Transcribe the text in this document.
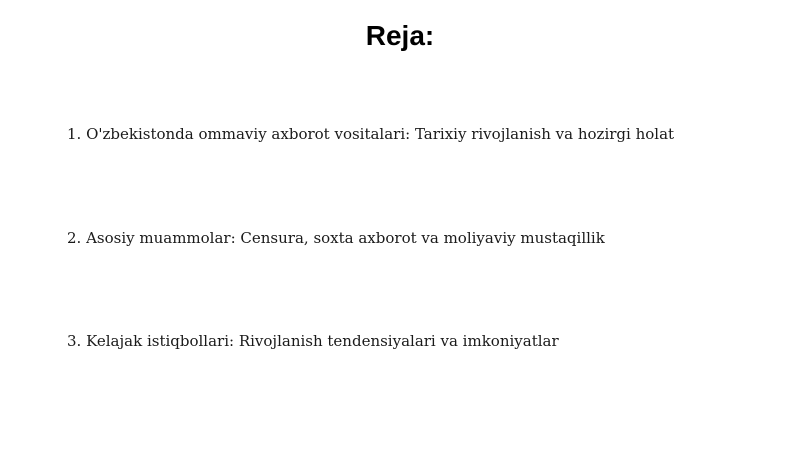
Reja:
1. O'zbekistonda ommaviy axborot vositalari: Tarixiy rivojlanish va hozirgi holat
2. Asosiy muammolar: Censura, soxta axborot va moliyaviy mustaqillik
3. Kelajak istiqbollari: Rivojlanish tendensiyalari va imkoniyatlar
